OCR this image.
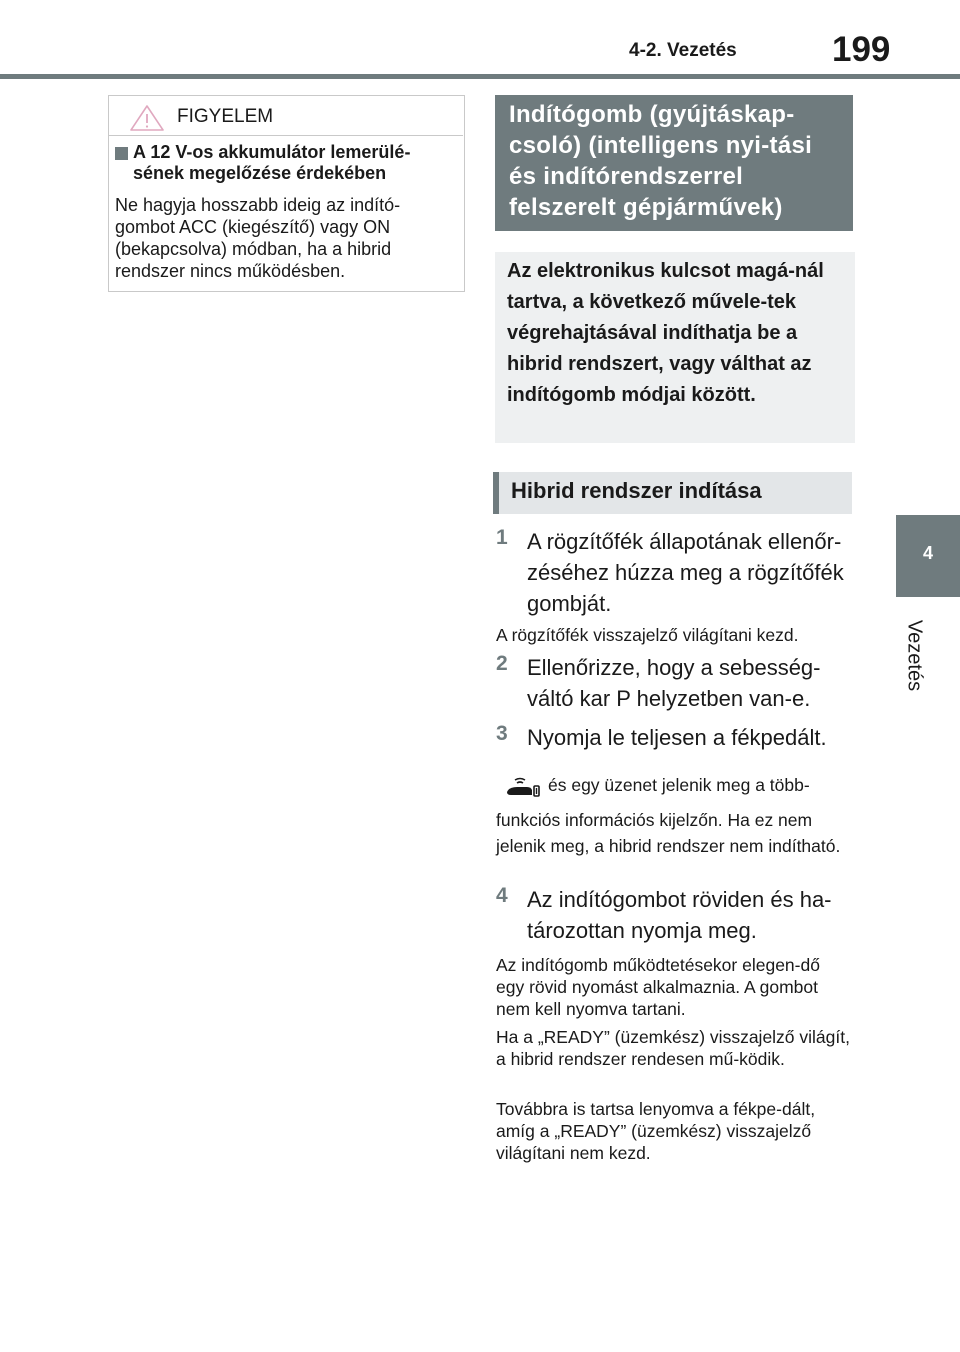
4-2. Vezetés	199
4
Vezetés
FIGYELEM
A 12 V-os akkumulátor lemerülé-sének megelőzése érdekében
Ne hagyja hosszabb ideig az indító-gombot ACC (kiegészítő) vagy ON (bekapcsolva) módban, ha a hibrid rendszer nincs működésben.
Indítógomb (gyújtáskap-csoló) (intelligens nyi-tási és indítórendszerrel felszerelt gépjárművek)
Az elektronikus kulcsot magá-nál tartva, a következő művele-tek végrehajtásával indíthatja be a hibrid rendszert, vagy válthat az indítógomb módjai között.
Hibrid rendszer indítása
1 A rögzítőfék állapotának ellenőr-zéséhez húzza meg a rögzítőfék gombját.
A rögzítőfék visszajelző világítani kezd.
2 Ellenőrizze, hogy a sebesség-váltó kar P helyzetben van-e.
3 Nyomja le teljesen a fékpedált.
és egy üzenet jelenik meg a több-
funkciós információs kijelzőn. Ha ez nem jelenik meg, a hibrid rendszer nem indítható.
4 Az indítógombot röviden és ha-tározottan nyomja meg.
Az indítógomb működtetésekor elegen-dő egy rövid nyomást alkalmaznia. A gombot nem kell nyomva tartani.
Ha a „READY” (üzemkész) visszajelző világít, a hibrid rendszer rendesen mű-ködik.
Továbbra is tartsa lenyomva a fékpe-dált, amíg a „READY” (üzemkész) visszajelző világítani nem kezd.
